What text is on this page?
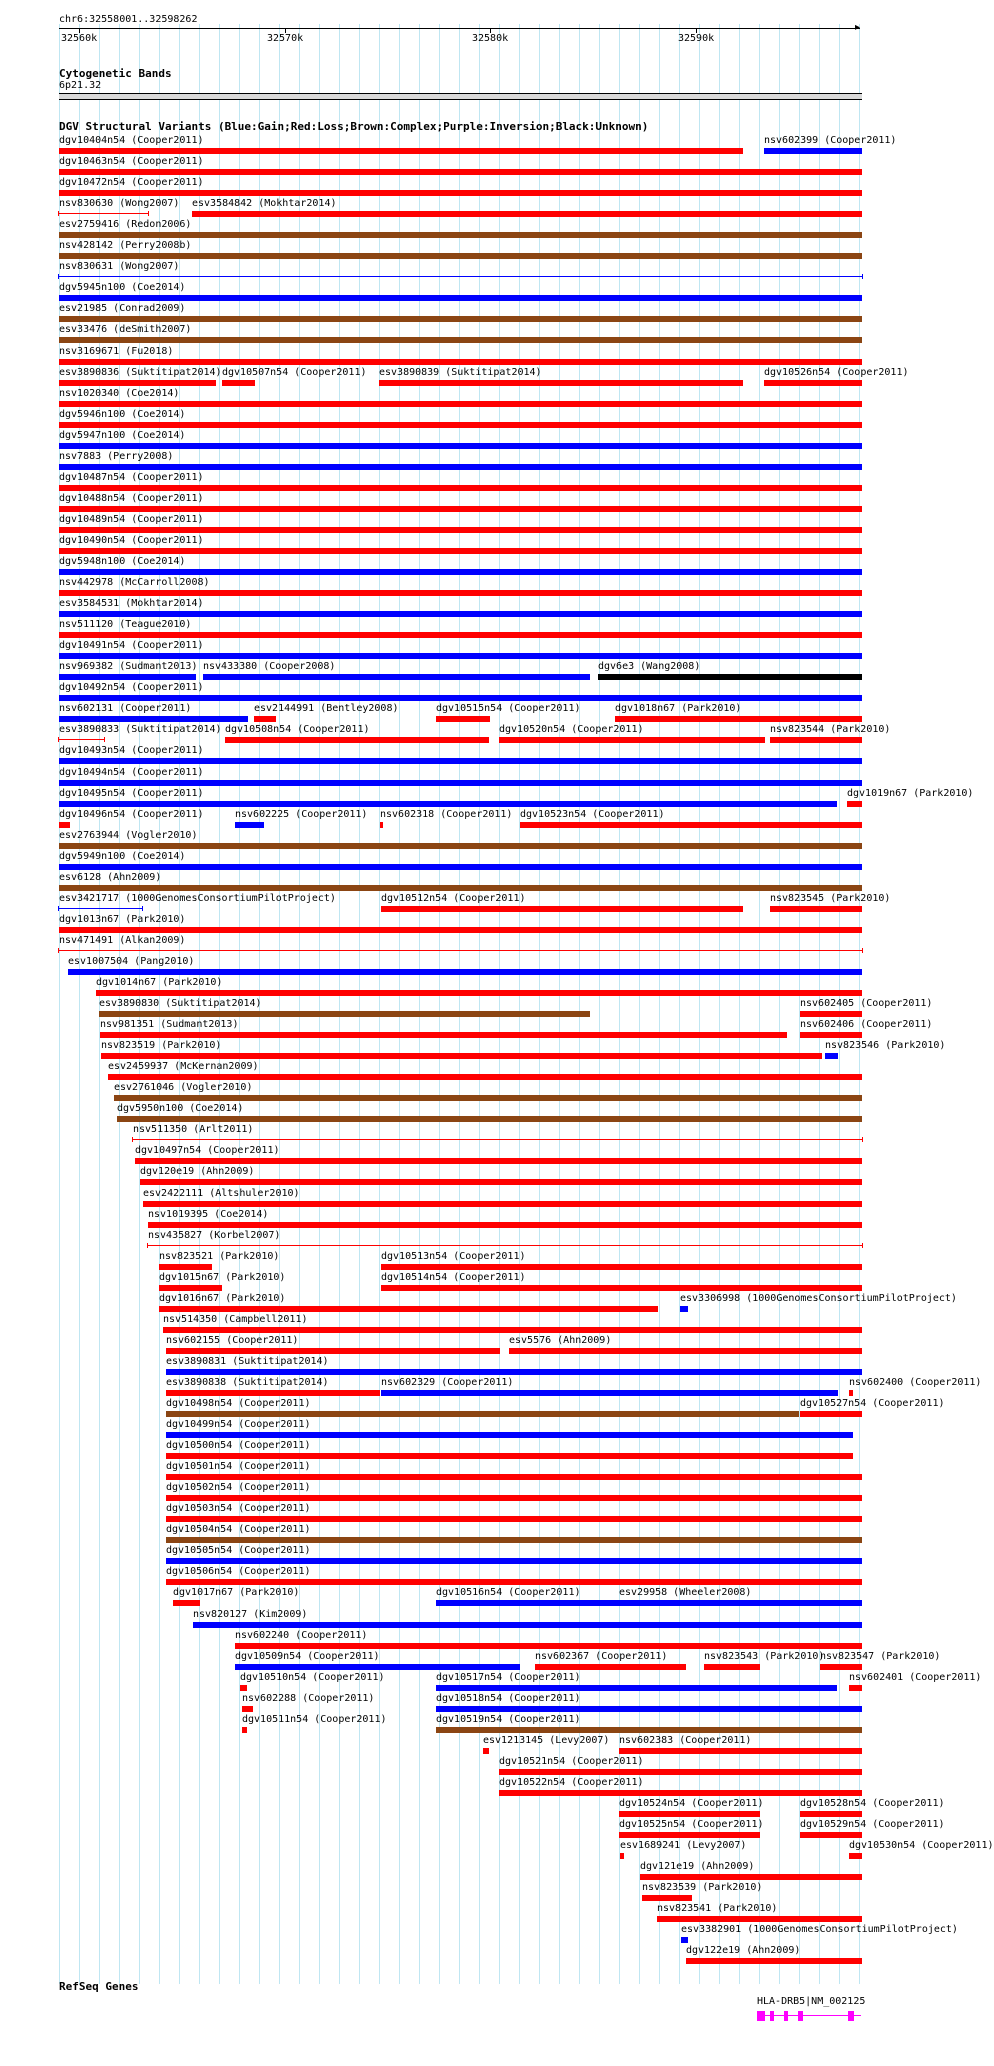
chr6:32558001..32598262
32560k	32570k	32580k	32590k
▸
Cytogenetic Bands
6p21.32
DGV Structural Variants (Blue:Gain;Red:Loss;Brown:Complex;Purple:Inversion;Black:Unknown)
dgv10404n54 (Cooper2011)	nsv602399 (Cooper2011)
dgv10463n54 (Cooper2011)
dgv10472n54 (Cooper2011)
nsv830630 (Wong2007) esv3584842 (Mokhtar2014)
esv2759416 (Redon2006)
nsv428142 (Perry2008b)
nsv830631 (Wong2007)
dgv5945n100 (Coe2014)
esv21985 (Conrad2009)
esv33476 (deSmith2007)
nsv3169671 (Fu2018)
esv3890836 (Suktitipat2014) dgv10507n54 (Cooper2011) esv3890839 (Suktitipat2014)	dgv10526n54 (Cooper2011)
nsv1020340 (Coe2014)
dgv5946n100 (Coe2014)
dgv5947n100 (Coe2014)
nsv7883 (Perry2008)
dgv10487n54 (Cooper2011)
dgv10488n54 (Cooper2011)
dgv10489n54 (Cooper2011)
dgv10490n54 (Cooper2011)
dgv5948n100 (Coe2014)
nsv442978 (McCarroll2008)
esv3584531 (Mokhtar2014)
nsv511120 (Teague2010)
dgv10491n54 (Cooper2011)
nsv969382 (Sudmant2013) nsv433380 (Cooper2008)	dgv6e3 (Wang2008)
dgv10492n54 (Cooper2011)
nsv602131 (Cooper2011)	esv2144991 (Bentley2008)	dgv10515n54 (Cooper2011)	dgv1018n67 (Park2010)
esv3890833 (Suktitipat2014) dgv10508n54 (Cooper2011)	dgv10520n54 (Cooper2011)	nsv823544 (Park2010)
dgv10493n54 (Cooper2011)
dgv10494n54 (Cooper2011)
dgv10495n54 (Cooper2011)	dgv1019n67 (Park2010)
dgv10496n54 (Cooper2011)	nsv602225 (Cooper2011) nsv602318 (Cooper2011) dgv10523n54 (Cooper2011)
esv2763944 (Vogler2010)
dgv5949n100 (Coe2014)
esv6128 (Ahn2009)
esv3421717 (1000GenomesConsortiumPilotProject)	dgv10512n54 (Cooper2011)	nsv823545 (Park2010)
dgv1013n67 (Park2010)
nsv471491 (Alkan2009)
esv1007504 (Pang2010)
dgv1014n67 (Park2010)
esv3890830 (Suktitipat2014)	nsv602405 (Cooper2011)
nsv981351 (Sudmant2013)	nsv602406 (Cooper2011)
nsv823519 (Park2010)	nsv823546 (Park2010)
esv2459937 (McKernan2009)
esv2761046 (Vogler2010)
dgv5950n100 (Coe2014)
nsv511350 (Arlt2011)
dgv10497n54 (Cooper2011)
dgv120e19 (Ahn2009)
esv2422111 (Altshuler2010)
nsv1019395 (Coe2014)
nsv435827 (Korbel2007)
nsv823521 (Park2010)	dgv10513n54 (Cooper2011)
dgv1015n67 (Park2010)	dgv10514n54 (Cooper2011)
dgv1016n67 (Park2010)	esv3306998 (1000GenomesConsortiumPilotProject)
nsv514350 (Campbell2011)
nsv602155 (Cooper2011)	esv5576 (Ahn2009)
esv3890831 (Suktitipat2014)
esv3890838 (Suktitipat2014)	nsv602329 (Cooper2011)	nsv602400 (Cooper2011)
dgv10498n54 (Cooper2011)	dgv10527n54 (Cooper2011)
dgv10499n54 (Cooper2011)
dgv10500n54 (Cooper2011)
dgv10501n54 (Cooper2011)
dgv10502n54 (Cooper2011)
dgv10503n54 (Cooper2011)
dgv10504n54 (Cooper2011)
dgv10505n54 (Cooper2011)
dgv10506n54 (Cooper2011)
dgv1017n67 (Park2010)	dgv10516n54 (Cooper2011)	esv29958 (Wheeler2008)
nsv820127 (Kim2009)
nsv602240 (Cooper2011)
dgv10509n54 (Cooper2011)	nsv602367 (Cooper2011)	nsv823543 (Park2010)
nsv823547 (Park2010)
dgv10510n54 (Cooper2011)	dgv10517n54 (Cooper2011)	nsv602401 (Cooper2011)
nsv602288 (Cooper2011)	dgv10518n54 (Cooper2011)
dgv10511n54 (Cooper2011)	dgv10519n54 (Cooper2011)
esv1213145 (Levy2007) nsv602383 (Cooper2011)
dgv10521n54 (Cooper2011)
dgv10522n54 (Cooper2011)
dgv10524n54 (Cooper2011)	dgv10528n54 (Cooper2011)
dgv10525n54 (Cooper2011)	dgv10529n54 (Cooper2011)
esv1689241 (Levy2007)	dgv10530n54 (Cooper2011)
dgv121e19 (Ahn2009)
nsv823539 (Park2010)
nsv823541 (Park2010)
esv3382901 (1000GenomesConsortiumPilotProject)
dgv122e19 (Ahn2009)
RefSeq Genes
HLA-DRB5|NM_002125
